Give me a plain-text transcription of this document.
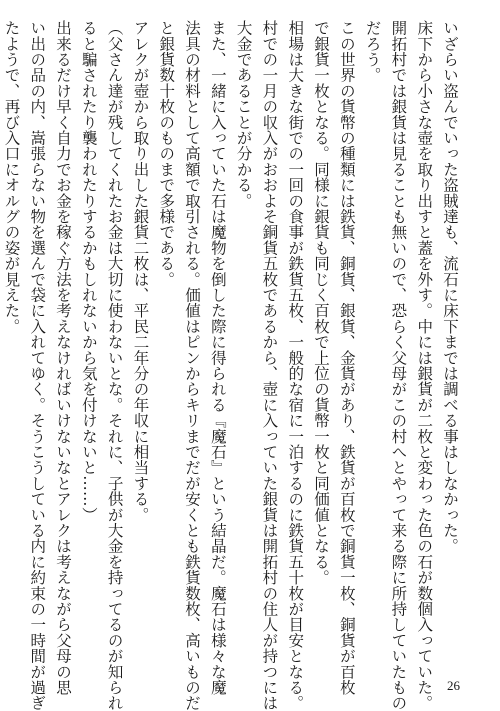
いざらい盗んでいった盗賊達も、流石に床下までは調べる事はしなかった。
床下から小さな壺を取り出すと蓋を外す。中には銀貨が二枚と変わった色の石が数個入っていた。
開拓村では銀貨は見ることも無いので、恐らく父母がこの村へとやって来る際に所持していたもの
だろう。
この世界の貨幣の種類には鉄貨、銅貨、銀貨、金貨があり、鉄貨が百枚で銅貨一枚、銅貨が百枚
で銀貨一枚となる。同様に銀貨も同じく百枚で上位の貨幣一枚と同価値となる。
相場は大きな街での一回の食事が鉄貨五枚、一般的な宿に一泊するのに鉄貨五十枚が目安となる。
村での一月の収入がおおよそ銅貨五枚であるから、壺に入っていた銀貨は開拓村の住人が持つには
大金であることが分かる。
また、一緒に入っていた石は魔物を倒した際に得られる『魔石』という結晶だ。魔石は様々な魔
法具の材料として高額で取引される。価値はピンからキリまでだが安くとも鉄貨数枚、高いものだ
と銀貨数十枚のものまで多様である。
アレクが壺から取り出した銀貨二枚は、平民二年分の年収に相当する。
（父さん達が残してくれたお金は大切に使わないとな。それに、子供が大金を持ってるのが知られ
ると騙されたり襲われたりするかもしれないから気を付けないと……）
出来るだけ早く自力でお金を稼ぐ方法を考えなければいけないなとアレクは考えながら父母の思
い出の品の内、嵩張らない物を選んで袋に入れてゆく。そうこうしている内に約束の一時間が過ぎ
たようで、再び入口にオルグの姿が見えた。
26
